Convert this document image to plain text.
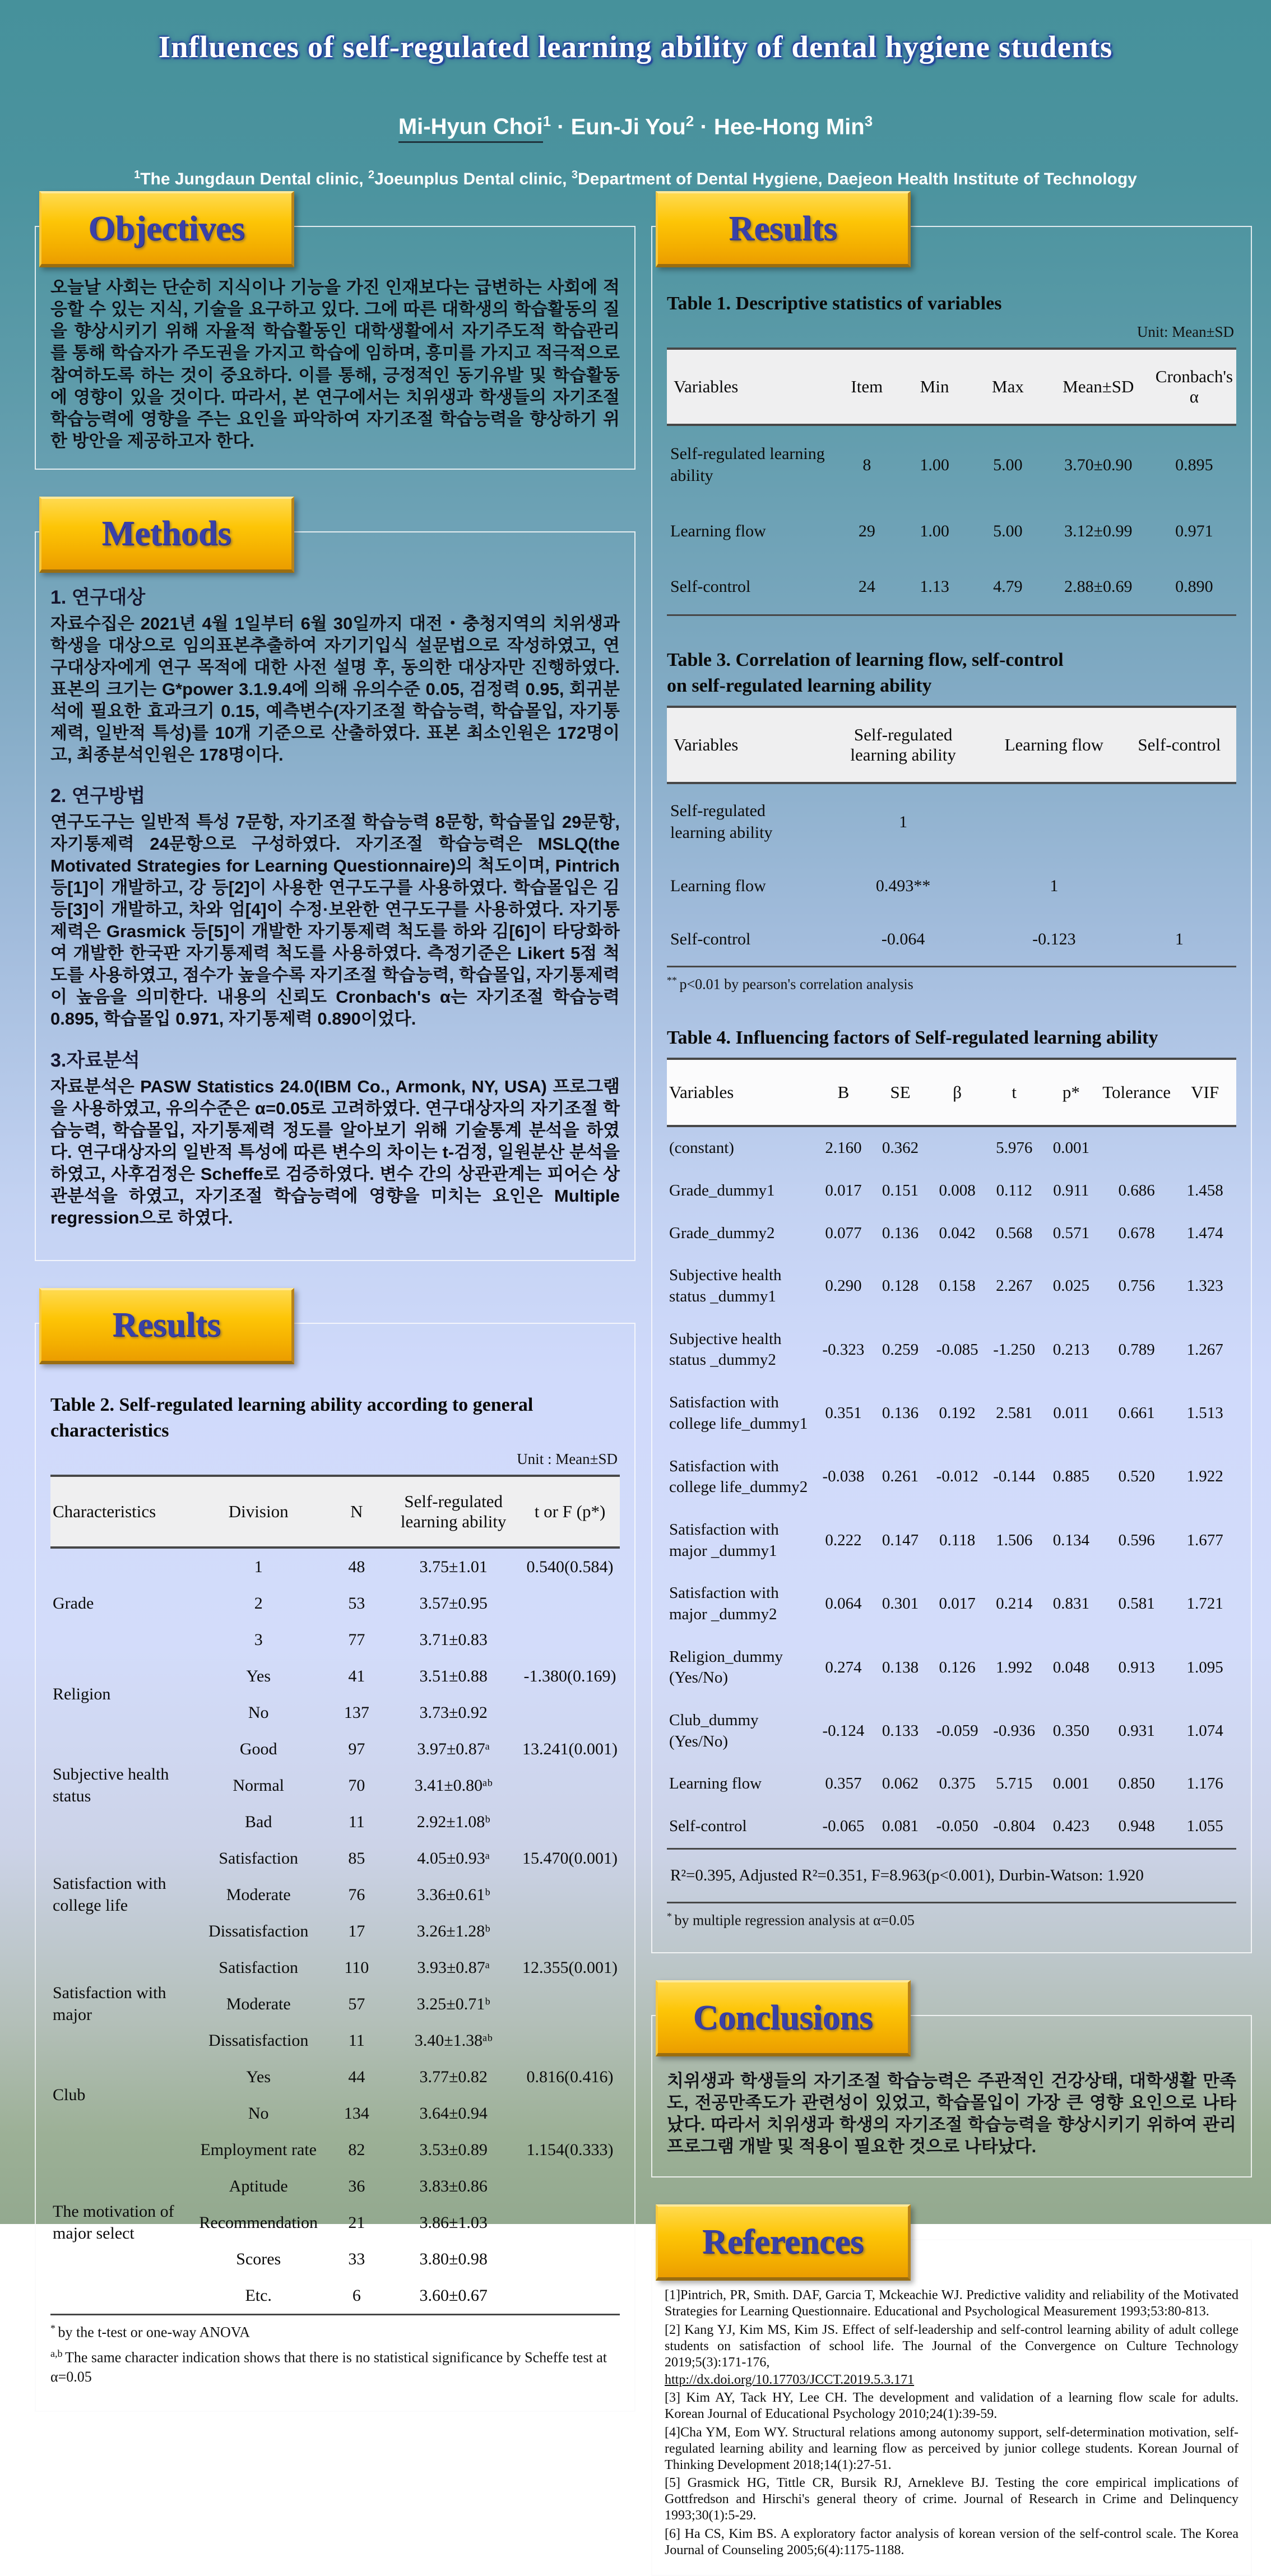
Influences of self-regulated learning ability of dental hygiene students
Mi-Hyun Choi$^1$ · Eun-Ji You$^2$ · Hee-Hong Min$^3$
$^1$The Jungdaun Dental clinic, $^2$Joeunplus Dental clinic, $^3$Department of Dental Hygiene, Daejeon Health Institute of Technology
Objectives

오늘날 사회는 단순히 지식이나 기능을 가진 인재보다는 급변하는 사회에 적응할 수 있는 지식, 기술을 요구하고 있다. 그에 따른 대학생의 학습활동의 질을 향상시키기 위해 자율적 학습활동인 대학생활에서 자기주도적 학습관리를 통해 학습자가 주도권을 가지고 학습에 임하며, 흥미를 가지고 적극적으로 참여하도록 하는 것이 중요하다. 이를 통해, 긍정적인 동기유발 및 학습활동에 영향이 있을 것이다. 따라서, 본 연구에서는 치위생과 학생들의 자기조절학습능력에 영향을 주는 요인을 파악하여 자기조절 학습능력을 향상하기 위한 방안을 제공하고자 한다.

Methods
1. 연구대상

자료수집은 2021년 4월 1일부터 6월 30일까지 대전・충청지역의 치위생과 학생을 대상으로 임의표본추출하여 자기기입식 설문법으로 작성하였고, 연구대상자에게 연구 목적에 대한 사전 설명 후, 동의한 대상자만 진행하였다. 표본의 크기는 G*power 3.1.9.4에 의해 유의수준 0.05, 검정력 0.95, 회귀분석에 필요한 효과크기 0.15, 예측변수(자기조절 학습능력, 학습몰입, 자기통제력, 일반적 특성)를 10개 기준으로 산출하였다. 표본 최소인원은 172명이고, 최종분석인원은 178명이다.

2. 연구방법

연구도구는 일반적 특성 7문항, 자기조절 학습능력 8문항, 학습몰입 29문항, 자기통제력 24문항으로 구성하였다. 자기조절 학습능력은 MSLQ(the Motivated Strategies for Learning Questionnaire)의 척도이며, Pintrich 등[1]이 개발하고, 강 등[2]이 사용한 연구도구를 사용하였다. 학습몰입은 김 등[3]이 개발하고, 차와 엄[4]이 수정·보완한 연구도구를 사용하였다. 자기통제력은 Grasmick 등[5]이 개발한 자기통제력 척도를 하와 김[6]이 타당화하여 개발한 한국판 자기통제력 척도를 사용하였다. 측정기준은 Likert 5점 척도를 사용하였고, 점수가 높을수록 자기조절 학습능력, 학습몰입, 자기통제력이 높음을 의미한다. 내용의 신뢰도 Cronbach's α는 자기조절 학습능력 0.895, 학습몰입 0.971, 자기통제력 0.890이었다.

3.자료분석

자료분석은 PASW Statistics 24.0(IBM Co., Armonk, NY, USA) 프로그램을 사용하였고, 유의수준은 α=0.05로 고려하였다. 연구대상자의 자기조절 학습능력, 학습몰입, 자기통제력 정도를 알아보기 위해 기술통계 분석을 하였다. 연구대상자의 일반적 특성에 따른 변수의 차이는 t-검정, 일원분산 분석을 하였고, 사후검정은 Scheffe로 검증하였다. 변수 간의 상관관계는 피어슨 상관분석을 하였고, 자기조절 학습능력에 영향을 미치는 요인은 Multiple regression으로 하였다.

Results
Table 2. Self-regulated learning ability according to general characteristics
Unit : Mean±SD
Characteristics	Division	N	Self-regulated learning ability	t or F (p*)
Grade	1	48	3.75±1.01	0.540(0.584)
	2	53	3.57±0.95	
	3	77	3.71±0.83	
Religion	Yes	41	3.51±0.88	-1.380(0.169)
	No	137	3.73±0.92	
Subjective health status	Good	97	3.97±0.87ᵃ	13.241(0.001)
	Normal	70	3.41±0.80ᵃᵇ	
	Bad	11	2.92±1.08ᵇ	
Satisfaction with college life	Satisfaction	85	4.05±0.93ᵃ	15.470(0.001)
	Moderate	76	3.36±0.61ᵇ	
	Dissatisfaction	17	3.26±1.28ᵇ	
Satisfaction with major	Satisfaction	110	3.93±0.87ᵃ	12.355(0.001)
	Moderate	57	3.25±0.71ᵇ	
	Dissatisfaction	11	3.40±1.38ᵃᵇ	
Club	Yes	44	3.77±0.82	0.816(0.416)
	No	134	3.64±0.94	
The motivation of major select	Employment rate	82	3.53±0.89	1.154(0.333)
	Aptitude	36	3.83±0.86	
	Recommendation	21	3.86±1.03	
	Scores	33	3.80±0.98	
	Etc.	6	3.60±0.67	
* by the t-test or one-way ANOVA
$^{a,b}$ The same character indication shows that there is no statistical significance by Scheffe test at α=0.05
Results
Table 1. Descriptive statistics of variables
Unit: Mean±SD
Variables	Item	Min	Max	Mean±SD	Cronbach's α
Self-regulated learning ability	8	1.00	5.00	3.70±0.90	0.895
Learning flow	29	1.00	5.00	3.12±0.99	0.971
Self-control	24	1.13	4.79	2.88±0.69	0.890
Table 3. Correlation of learning flow, self-control
on self-regulated learning ability
Variables	Self-regulated learning ability	Learning flow	Self-control
Self-regulated learning ability	1		
Learning flow	0.493**	1	
Self-control	-0.064	-0.123	1
** p<0.01 by pearson's correlation analysis
Table 4. Influencing factors of Self-regulated learning ability
Variables	B	SE	β	t	p*	Tolerance	VIF
(constant)	2.160	0.362		5.976	0.001		
Grade_dummy1	0.017	0.151	0.008	0.112	0.911	0.686	1.458
Grade_dummy2	0.077	0.136	0.042	0.568	0.571	0.678	1.474
Subjective health status _dummy1	0.290	0.128	0.158	2.267	0.025	0.756	1.323
Subjective health status _dummy2	-0.323	0.259	-0.085	-1.250	0.213	0.789	1.267
Satisfaction with college life_dummy1	0.351	0.136	0.192	2.581	0.011	0.661	1.513
Satisfaction with college life_dummy2	-0.038	0.261	-0.012	-0.144	0.885	0.520	1.922
Satisfaction with major _dummy1	0.222	0.147	0.118	1.506	0.134	0.596	1.677
Satisfaction with major _dummy2	0.064	0.301	0.017	0.214	0.831	0.581	1.721
Religion_dummy (Yes/No)	0.274	0.138	0.126	1.992	0.048	0.913	1.095
Club_dummy (Yes/No)	-0.124	0.133	-0.059	-0.936	0.350	0.931	1.074
Learning flow	0.357	0.062	0.375	5.715	0.001	0.850	1.176
Self-control	-0.065	0.081	-0.050	-0.804	0.423	0.948	1.055
R²=0.395, Adjusted R²=0.351, F=8.963(p<0.001), Durbin-Watson: 1.920
* by multiple regression analysis at α=0.05
Conclusions

치위생과 학생들의 자기조절 학습능력은 주관적인 건강상태, 대학생활 만족도, 전공만족도가 관련성이 있었고, 학습몰입이 가장 큰 영향 요인으로 나타났다. 따라서 치위생과 학생의 자기조절 학습능력을 향상시키기 위하여 관리 프로그램 개발 및 적용이 필요한 것으로 나타났다.

References
[1]Pintrich, PR, Smith. DAF, Garcia T, Mckeachie WJ. Predictive validity and reliability of the Motivated Strategies for Learning Questionnaire. Educational and Psychological Measurement 1993;53:80-813.
[2] Kang YJ, Kim MS, Kim JS. Effect of self-leadership and self-control learning ability of adult college students on satisfaction of school life. The Journal of the Convergence on Culture Technology 2019;5(3):171-176,
http://dx.doi.org/10.17703/JCCT.2019.5.3.171
[3] Kim AY, Tack HY, Lee CH. The development and validation of a learning flow scale for adults. Korean Journal of Educational Psychology 2010;24(1):39-59.
[4]Cha YM, Eom WY. Structural relations among autonomy support, self-determination motivation, self-regulated learning ability and learning flow as perceived by junior college students. Korean Journal of Thinking Development 2018;14(1):27-51.
[5] Grasmick HG, Tittle CR, Bursik RJ, Arnekleve BJ. Testing the core empirical implications of Gottfredson and Hirschi's general theory of crime. Journal of Research in Crime and Delinquency 1993;30(1):5-29.
[6] Ha CS, Kim BS. A exploratory factor analysis of korean version of the self-control scale. The Korea Journal of Counseling 2005;6(4):1175-1188.
